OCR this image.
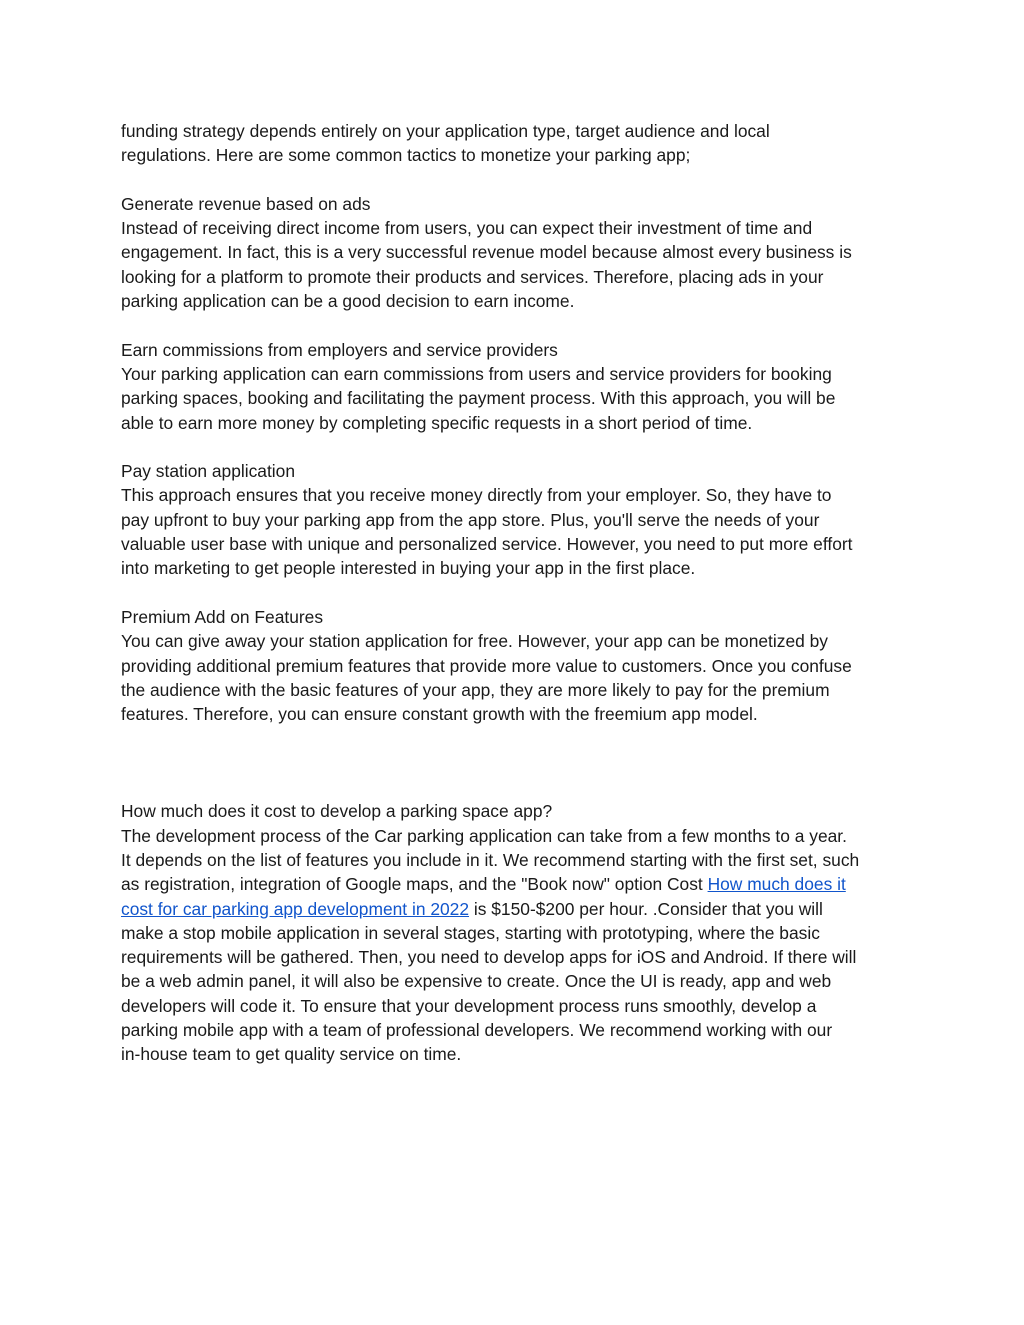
funding strategy depends entirely on your application type, target audience and local

regulations. Here are some common tactics to monetize your parking app;

Generate revenue based on ads

Instead of receiving direct income from users, you can expect their investment of time and

engagement. In fact, this is a very successful revenue model because almost every business is

looking for a platform to promote their products and services. Therefore, placing ads in your

parking application can be a good decision to earn income.

Earn commissions from employers and service providers

Your parking application can earn commissions from users and service providers for booking

parking spaces, booking and facilitating the payment process. With this approach, you will be

able to earn more money by completing specific requests in a short period of time.

Pay station application

This approach ensures that you receive money directly from your employer. So, they have to

pay upfront to buy your parking app from the app store. Plus, you'll serve the needs of your

valuable user base with unique and personalized service. However, you need to put more effort

into marketing to get people interested in buying your app in the first place.

Premium Add on Features

You can give away your station application for free. However, your app can be monetized by

providing additional premium features that provide more value to customers. Once you confuse

the audience with the basic features of your app, they are more likely to pay for the premium

features. Therefore, you can ensure constant growth with the freemium app model.

How much does it cost to develop a parking space app?

The development process of the Car parking application can take from a few months to a year.

It depends on the list of features you include in it. We recommend starting with the first set, such

as registration, integration of Google maps, and the "Book now" option Cost How much does it

cost for car parking app development in 2022 is $150-$200 per hour. .Consider that you will

make a stop mobile application in several stages, starting with prototyping, where the basic

requirements will be gathered. Then, you need to develop apps for iOS and Android. If there will

be a web admin panel, it will also be expensive to create. Once the UI is ready, app and web

developers will code it. To ensure that your development process runs smoothly, develop a

parking mobile app with a team of professional developers. We recommend working with our

in-house team to get quality service on time.
